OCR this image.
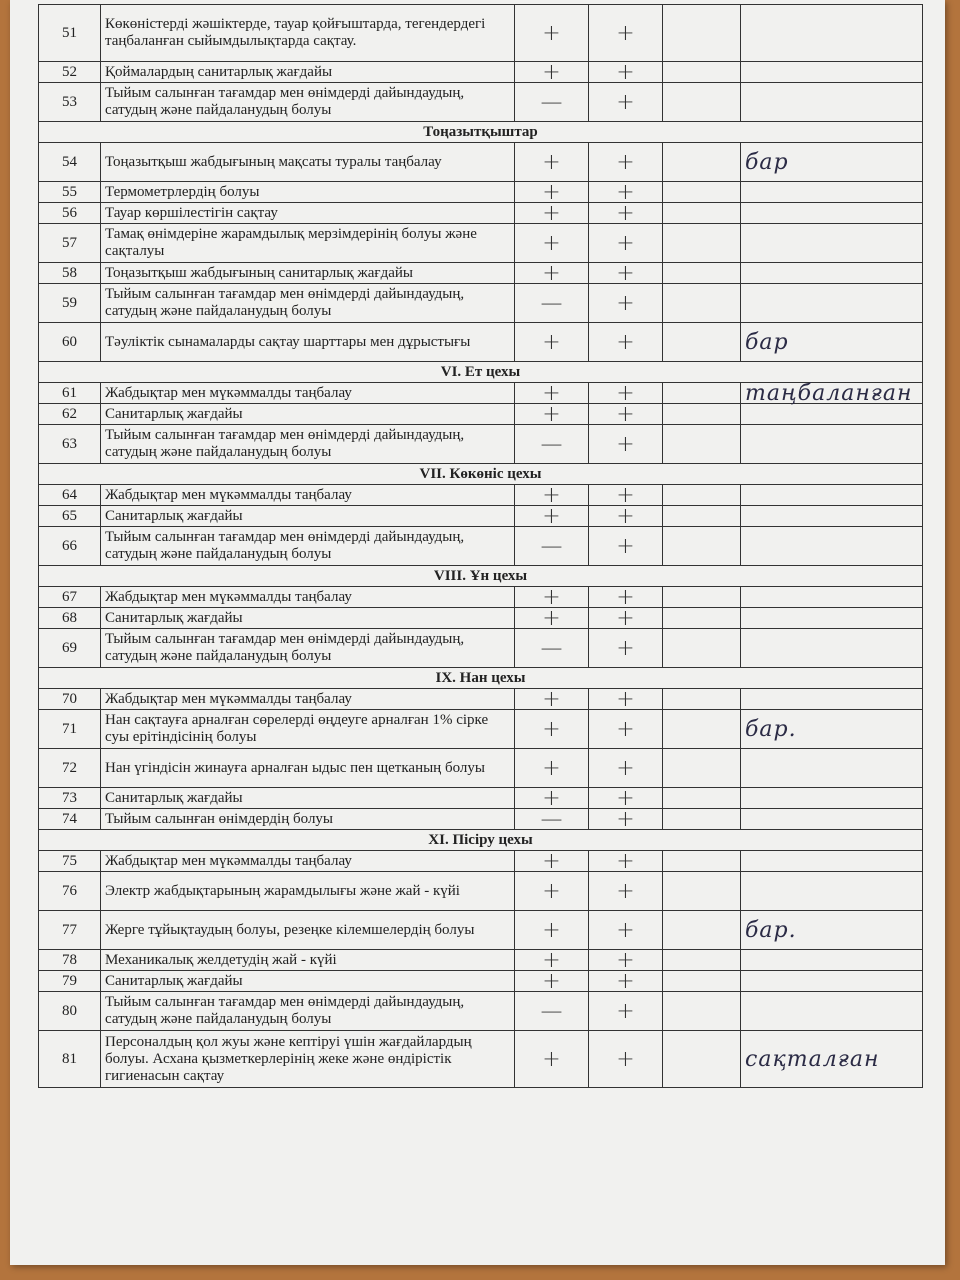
51	Көкөністерді жәшіктерде, тауар қойғыштарда, тегендердегі таңбаланған сыйымдылықтарда сақтау.	+	+		
52	Қоймалардың санитарлық жағдайы	+	+		
53	Тыйым салынған тағамдар мен өнімдерді дайындаудың, сатудың және пайдаланудың болуы	—	+		
Тоңазытқыштар					
54	Тоңазытқыш жабдығының мақсаты туралы таңбалау	+	+		бар
55	Термометрлердің болуы	+	+		
56	Тауар көршілестігін сақтау	+	+		
57	Тамақ өнімдеріне жарамдылық мерзімдерінің болуы және сақталуы	+	+		
58	Тоңазытқыш жабдығының санитарлық жағдайы	+	+		
59	Тыйым салынған тағамдар мен өнімдерді дайындаудың, сатудың және пайдаланудың болуы	—	+		
60	Тәуліктік сынамаларды сақтау шарттары мен дұрыстығы	+	+		бар
VI. Ет цехы					
61	Жабдықтар мен мүкәммалды таңбалау	+	+		таңбаланған
62	Санитарлық жағдайы	+	+		
63	Тыйым салынған тағамдар мен өнімдерді дайындаудың, сатудың және пайдаланудың болуы	—	+		
VII. Көкөніс цехы					
64	Жабдықтар мен мүкәммалды таңбалау	+	+		
65	Санитарлық жағдайы	+	+		
66	Тыйым салынған тағамдар мен өнімдерді дайындаудың, сатудың және пайдаланудың болуы	—	+		
VIII. Ұн цехы					
67	Жабдықтар мен мүкәммалды таңбалау	+	+		
68	Санитарлық жағдайы	+	+		
69	Тыйым салынған тағамдар мен өнімдерді дайындаудың, сатудың және пайдаланудың болуы	—	+		
IX. Нан цехы					
70	Жабдықтар мен мүкәммалды таңбалау	+	+		
71	Нан сақтауға арналған сөрелерді өңдеуге арналған 1% сірке суы ерітіндісінің болуы	+	+		бар.
72	Нан үгіндісін жинауға арналған ыдыс пен щетканың болуы	+	+		
73	Санитарлық жағдайы	+	+		
74	Тыйым салынған өнімдердің болуы	—	+		
XI. Пісіру цехы					
75	Жабдықтар мен мүкәммалды таңбалау	+	+		
76	Электр жабдықтарының жарамдылығы және жай - күйі	+	+		
77	Жерге тұйықтаудың болуы, резеңке кілемшелердің болуы	+	+		бар.
78	Механикалық желдетудің жай - күйі	+	+		
79	Санитарлық жағдайы	+	+		
80	Тыйым салынған тағамдар мен өнімдерді дайындаудың, сатудың және пайдаланудың болуы	—	+		
81	Персоналдың қол жуы және кептіруі үшін жағдайлардың болуы. Асхана қызметкерлерінің жеке және өндірістік гигиенасын сақтау	+	+		сақталған
